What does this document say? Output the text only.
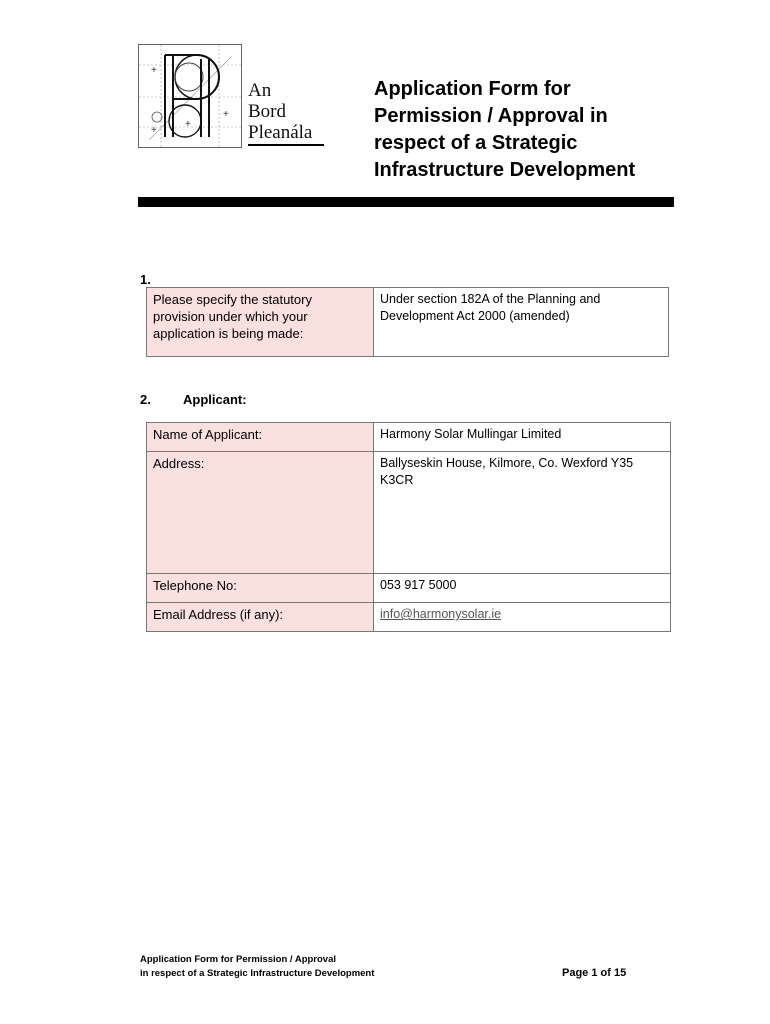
+
+
+
+
An
Bord
Pleanála
Application Form for
Permission / Approval in
respect of a Strategic
Infrastructure Development
1.
Please specify the statutory provision under which your application is being made:	Under section 182A of the Planning and Development Act 2000 (amended)
2. Applicant:
Name of Applicant:	Harmony Solar Mullingar Limited
Address:	Ballyseskin House, Kilmore, Co. Wexford Y35 K3CR
Telephone No:	053 917 5000
Email Address (if any):	info@harmonysolar.ie
Application Form for Permission / Approval
in respect of a Strategic Infrastructure Development	Page 1 of 15
